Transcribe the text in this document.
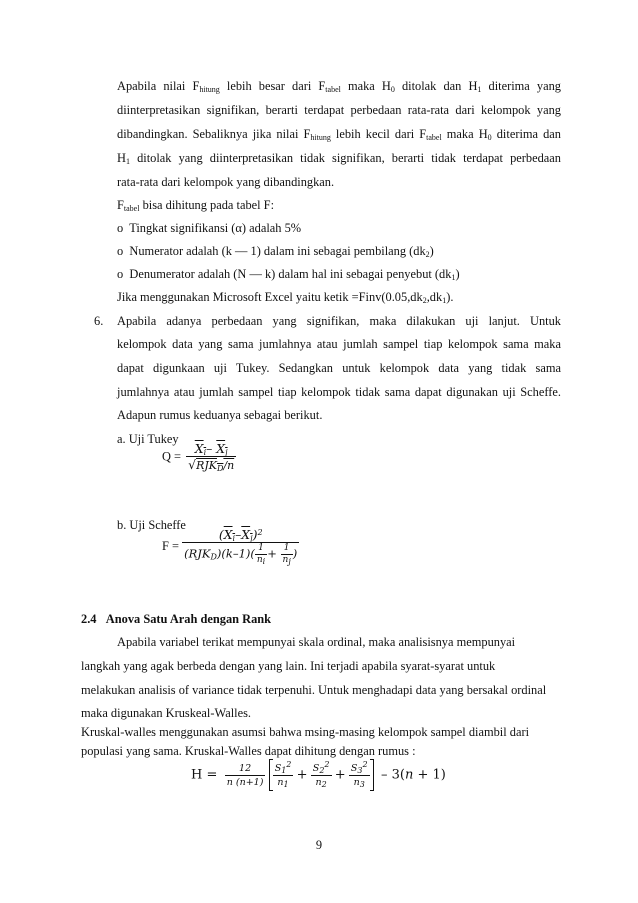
Apabila nilai $F_{hitung}$ lebih besar dari $F_{tabel}$ maka $H_0$ ditolak dan $H_1$ diterima yang
diinterpretasikan signifikan, berarti terdapat perbedaan rata-rata dari kelompok yang
dibandingkan. Sebaliknya jika nilai $F_{hitung}$ lebih kecil dari $F_{tabel}$ maka $H_0$ diterima dan
$H_1$ ditolak yang diinterpretasikan tidak signifikan, berarti tidak terdapat perbedaan
rata-rata dari kelompok yang dibandingkan.
$F_{tabel}$ bisa dihitung pada tabel F:
o Tingkat signifikansi (α) adalah 5%
o Numerator adalah (k — 1) dalam ini sebagai pembilang $(dk_2)$
o Denumerator adalah (N — k) dalam hal ini sebagai penyebut $(dk_1)$
Jika menggunakan Microsoft Excel yaitu ketik $=Finv(0.05,dk_2,dk_1)$.
6. Apabila adanya perbedaan yang signifikan, maka dilakukan uji lanjut. Untuk
kelompok data yang sama jumlahnya atau jumlah sampel tiap kelompok sama maka
dapat digunkaan uji Tukey. Sedangkan untuk kelompok data yang tidak sama
jumlahnya atau jumlah sampel tiap kelompok tidak sama dapat digunakan uji Scheffe.
Adapun rumus keduanya sebagai berikut.
a. Uji Tukey
$Q = \frac{X_i- X_j}{√RJK_D/n}$
b. Uji Scheffe
$F = \frac{(X_i-X_j)^2}{(RJK_D)(k-1)( \frac{1}{n_i} + \frac{1}{n_j} )}$
2.4 Anova Satu Arah dengan Rank
Apabila variabel terikat mempunyai skala ordinal, maka analisisnya mempunyai
langkah yang agak berbeda dengan yang lain. Ini terjadi apabila syarat-syarat untuk
melakukan analisis of variance tidak terpenuhi. Untuk menghadapi data yang bersakal ordinal
maka digunakan Kruskeal-Walles.
Kruskal-walles menggunakan asumsi bahwa msing-masing kelompok sampel diambil dari
populasi yang sama. Kruskal-Walles dapat dihitung dengan rumus :
$H = \frac{12}{n (n+1)}$
$\frac{S_1^2}{n_1} + \frac{S_2^2}{n_2} + \frac{S_3^2}{n_3} - 3(n + 1)$
9
